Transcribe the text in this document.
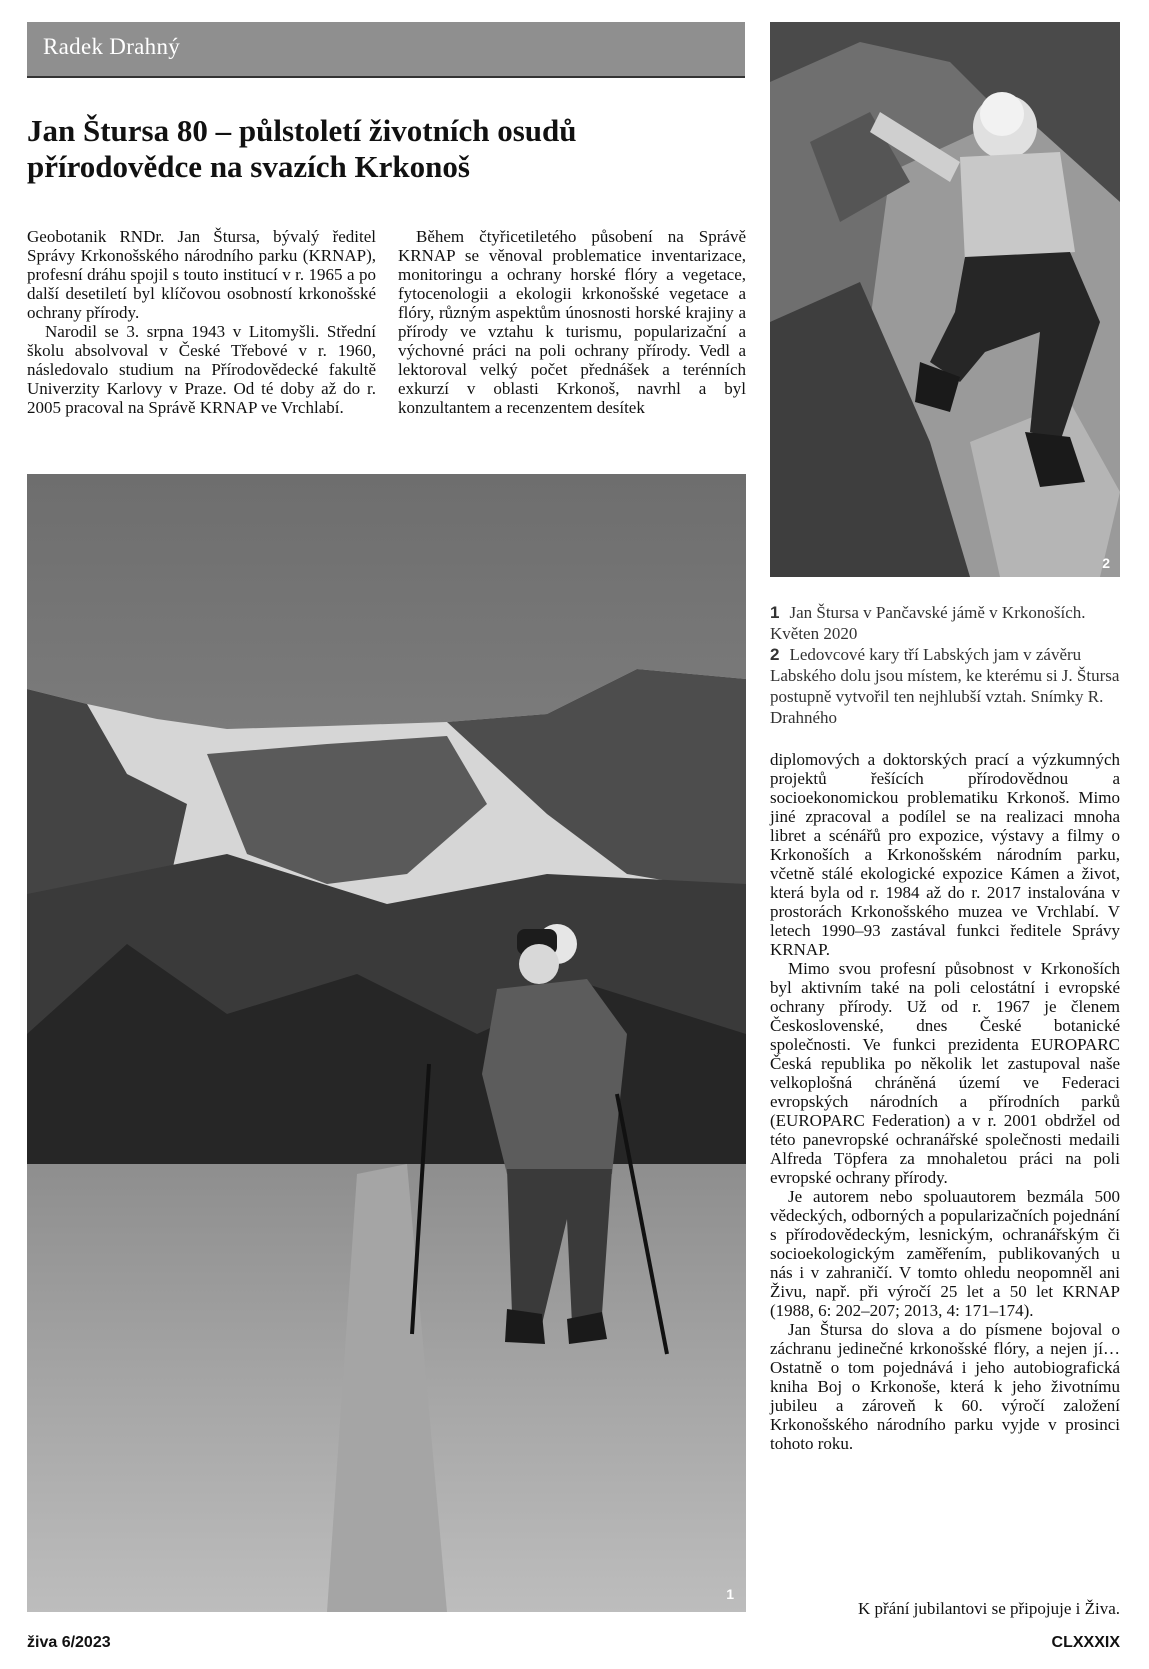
Radek Drahný
Jan Štursa 80 – půlstoletí životních osudů přírodovědce na svazích Krkonoš

Geobotanik RNDr. Jan Štursa, bývalý ředitel Správy Krkonošského národního parku (KRNAP), profesní dráhu spojil s touto institucí v r. 1965 a po další desetiletí byl klíčovou osobností krkonošské ochrany přírody.

Narodil se 3. srpna 1943 v Litomyšli. Střední školu absolvoval v České Třebové v r. 1960, následovalo studium na Přírodovědecké fakultě Univerzity Karlovy v Praze. Od té doby až do r. 2005 pracoval na Správě KRNAP ve Vrchlabí.

Během čtyřicetiletého působení na Správě KRNAP se věnoval problematice inventarizace, monitoringu a ochrany horské flóry a vegetace, fytocenologii a ekologii krkonošské vegetace a flóry, různým aspektům únosnosti horské krajiny a přírody ve vztahu k turismu, popularizační a výchovné práci na poli ochrany přírody. Vedl a lektoroval velký počet přednášek a terénních exkurzí v oblasti Krkonoš, navrhl a byl konzultantem a recenzentem desítek

2

1 Jan Štursa v Pančavské jámě v Krkonoších. Květen 2020

2 Ledovcové kary tří Labských jam v závěru Labského dolu jsou místem, ke kterému si J. Štursa postupně vytvořil ten nejhlubší vztah. Snímky R. Drahného

1

diplomových a doktorských prací a výzkumných projektů řešících přírodovědnou a socioekonomickou problematiku Krkonoš. Mimo jiné zpracoval a podílel se na realizaci mnoha libret a scénářů pro expozice, výstavy a filmy o Krkonoších a Krkonošském národním parku, včetně stálé ekologické expozice Kámen a život, která byla od r. 1984 až do r. 2017 instalována v prostorách Krkonošského muzea ve Vrchlabí. V letech 1990–93 zastával funkci ředitele Správy KRNAP.

Mimo svou profesní působnost v Krkonoších byl aktivním také na poli celostátní i evropské ochrany přírody. Už od r. 1967 je členem Československé, dnes České botanické společnosti. Ve funkci prezidenta EUROPARC Česká republika po několik let zastupoval naše velkoplošná chráněná území ve Federaci evropských národních a přírodních parků (EUROPARC Federation) a v r. 2001 obdržel od této panevropské ochranářské společnosti medaili Alfreda Töpfera za mnohaletou práci na poli evropské ochrany přírody.

Je autorem nebo spoluautorem bezmála 500 vědeckých, odborných a popularizačních pojednání s přírodovědeckým, lesnickým, ochranářským či socioekologickým zaměřením, publikovaných u nás i v zahraničí. V tomto ohledu neopomněl ani Živu, např. při výročí 25 let a 50 let KRNAP (1988, 6: 202–207; 2013, 4: 171–174).

Jan Štursa do slova a do písmene bojoval o záchranu jedinečné krkonošské flóry, a nejen jí… Ostatně o tom pojednává i jeho autobiografická kniha Boj o Krkonoše, která k jeho životnímu jubileu a zároveň k 60. výročí založení Krkonošského národního parku vyjde v prosinci tohoto roku.

K přání jubilantovi se připojuje i Živa.
živa 6/2023	CLXXXIX
